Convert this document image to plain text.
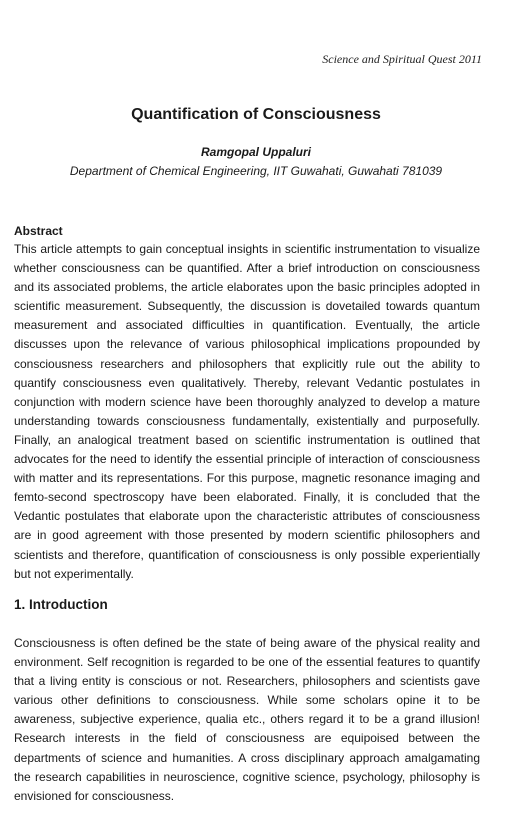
Science and Spiritual Quest 2011
Quantification of Consciousness
Ramgopal Uppaluri
Department of Chemical Engineering, IIT Guwahati, Guwahati 781039
Abstract
This article attempts to gain conceptual insights in scientific instrumentation to visualize whether consciousness can be quantified. After a brief introduction on consciousness and its associated problems, the article elaborates upon the basic principles adopted in scientific measurement. Subsequently, the discussion is dovetailed towards quantum measurement and associated difficulties in quantification. Eventually, the article discusses upon the relevance of various philosophical implications propounded by consciousness researchers and philosophers that explicitly rule out the ability to quantify consciousness even qualitatively. Thereby, relevant Vedantic postulates in conjunction with modern science have been thoroughly analyzed to develop a mature understanding towards consciousness fundamentally, existentially and purposefully. Finally, an analogical treatment based on scientific instrumentation is outlined that advocates for the need to identify the essential principle of interaction of consciousness with matter and its representations. For this purpose, magnetic resonance imaging and femto-second spectroscopy have been elaborated. Finally, it is concluded that the Vedantic postulates that elaborate upon the characteristic attributes of consciousness are in good agreement with those presented by modern scientific philosophers and scientists and therefore, quantification of consciousness is only possible experientially but not experimentally.
1. Introduction
Consciousness is often defined be the state of being aware of the physical reality and environment. Self recognition is regarded to be one of the essential features to quantify that a living entity is conscious or not. Researchers, philosophers and scientists gave various other definitions to consciousness. While some scholars opine it to be awareness, subjective experience, qualia etc., others regard it to be a grand illusion! Research interests in the field of consciousness are equipoised between the departments of science and humanities. A cross disciplinary approach amalgamating the research capabilities in neuroscience, cognitive science, psychology, philosophy is envisioned for consciousness.
